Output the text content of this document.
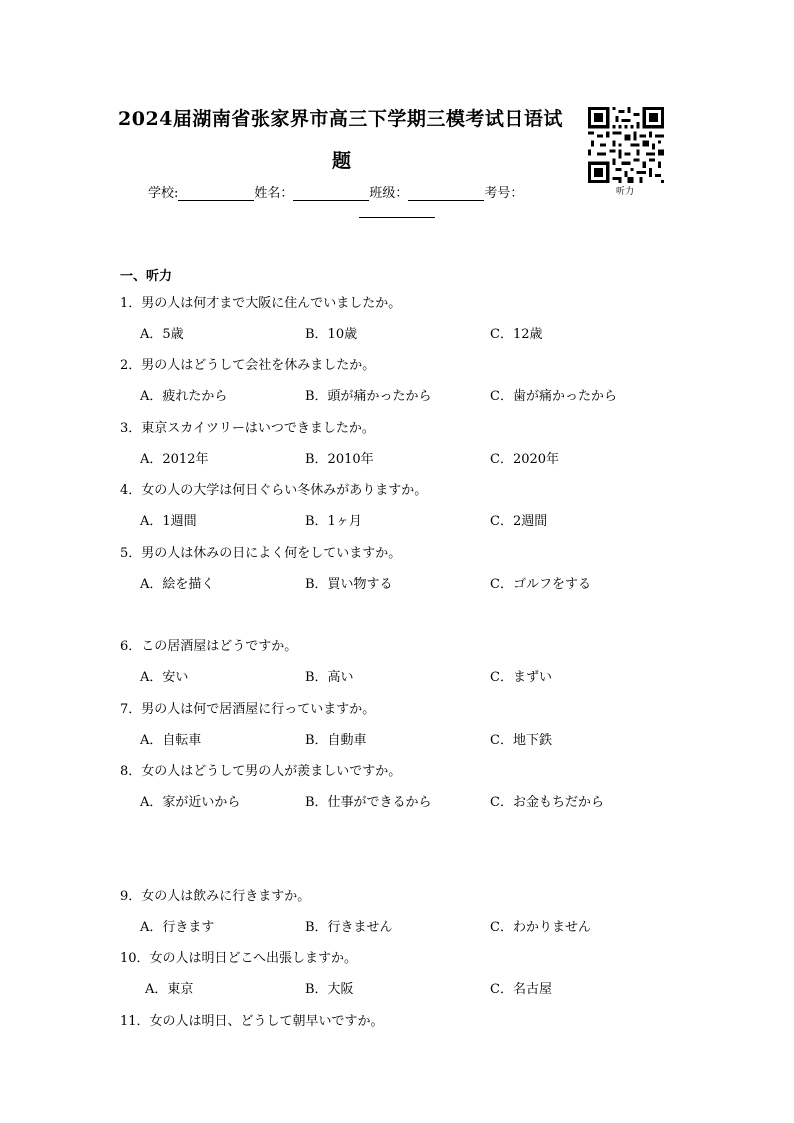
2024届湖南省张家界市高三下学期三模考试日语试
题
听力
学校:	姓名：	班级：	考号：
一、听力
1．男の人は何才まで大阪に住んでいましたか。
A．5歳	B．10歳	C．12歳
2．男の人はどうして会社を休みましたか。
A．疲れたから	B．頭が痛かったから	C．歯が痛かったから
3．東京スカイツリーはいつできましたか。
A．2012年	B．2010年	C．2020年
4．女の人の大学は何日ぐらい冬休みがありますか。
A．1週間	B．1ヶ月	C．2週間
5．男の人は休みの日によく何をしていますか。
A．絵を描く	B．買い物する	C．ゴルフをする
6．この居酒屋はどうですか。
A．安い	B．高い	C．まずい
7．男の人は何で居酒屋に行っていますか。
A．自転車	B．自動車	C．地下鉄
8．女の人はどうして男の人が羨ましいですか。
A．家が近いから	B．仕事ができるから	C．お金もちだから
9．女の人は飲みに行きますか。
A．行きます	B．行きません	C．わかりません
10．女の人は明日どこへ出張しますか。
A．東京	B．大阪	C．名古屋
11．女の人は明日、どうして朝早いですか。
